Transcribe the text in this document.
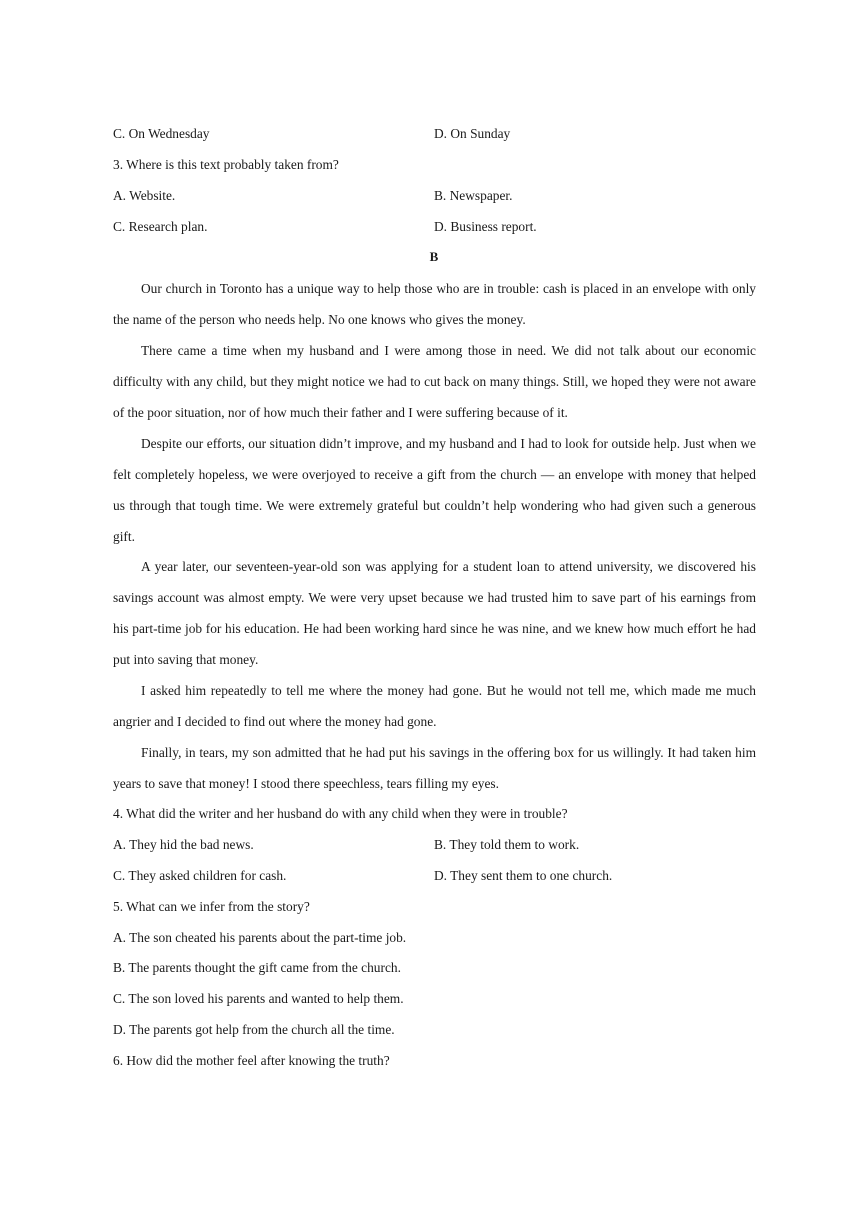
C. On Wednesday	D. On Sunday
3. Where is this text probably taken from?
A. Website.	B. Newspaper.
C. Research plan.	D. Business report.
B

Our church in Toronto has a unique way to help those who are in trouble: cash is placed in an envelope with only the name of the person who needs help. No one knows who gives the money.

There came a time when my husband and I were among those in need. We did not talk about our economic difficulty with any child, but they might notice we had to cut back on many things. Still, we hoped they were not aware of the poor situation, nor of how much their father and I were suffering because of it.

Despite our efforts, our situation didn’t improve, and my husband and I had to look for outside help. Just when we felt completely hopeless, we were overjoyed to receive a gift from the church — an envelope with money that helped us through that tough time. We were extremely grateful but couldn’t help wondering who had given such a generous gift.

A year later, our seventeen-year-old son was applying for a student loan to attend university, we discovered his savings account was almost empty. We were very upset because we had trusted him to save part of his earnings from his part-time job for his education. He had been working hard since he was nine, and we knew how much effort he had put into saving that money.

I asked him repeatedly to tell me where the money had gone. But he would not tell me, which made me much angrier and I decided to find out where the money had gone.

Finally, in tears, my son admitted that he had put his savings in the offering box for us willingly. It had taken him years to save that money! I stood there speechless, tears filling my eyes.

4. What did the writer and her husband do with any child when they were in trouble?
A. They hid the bad news.	B. They told them to work.
C. They asked children for cash.	D. They sent them to one church.
5. What can we infer from the story?
A. The son cheated his parents about the part-time job.
B. The parents thought the gift came from the church.
C. The son loved his parents and wanted to help them.
D. The parents got help from the church all the time.
6. How did the mother feel after knowing the truth?
